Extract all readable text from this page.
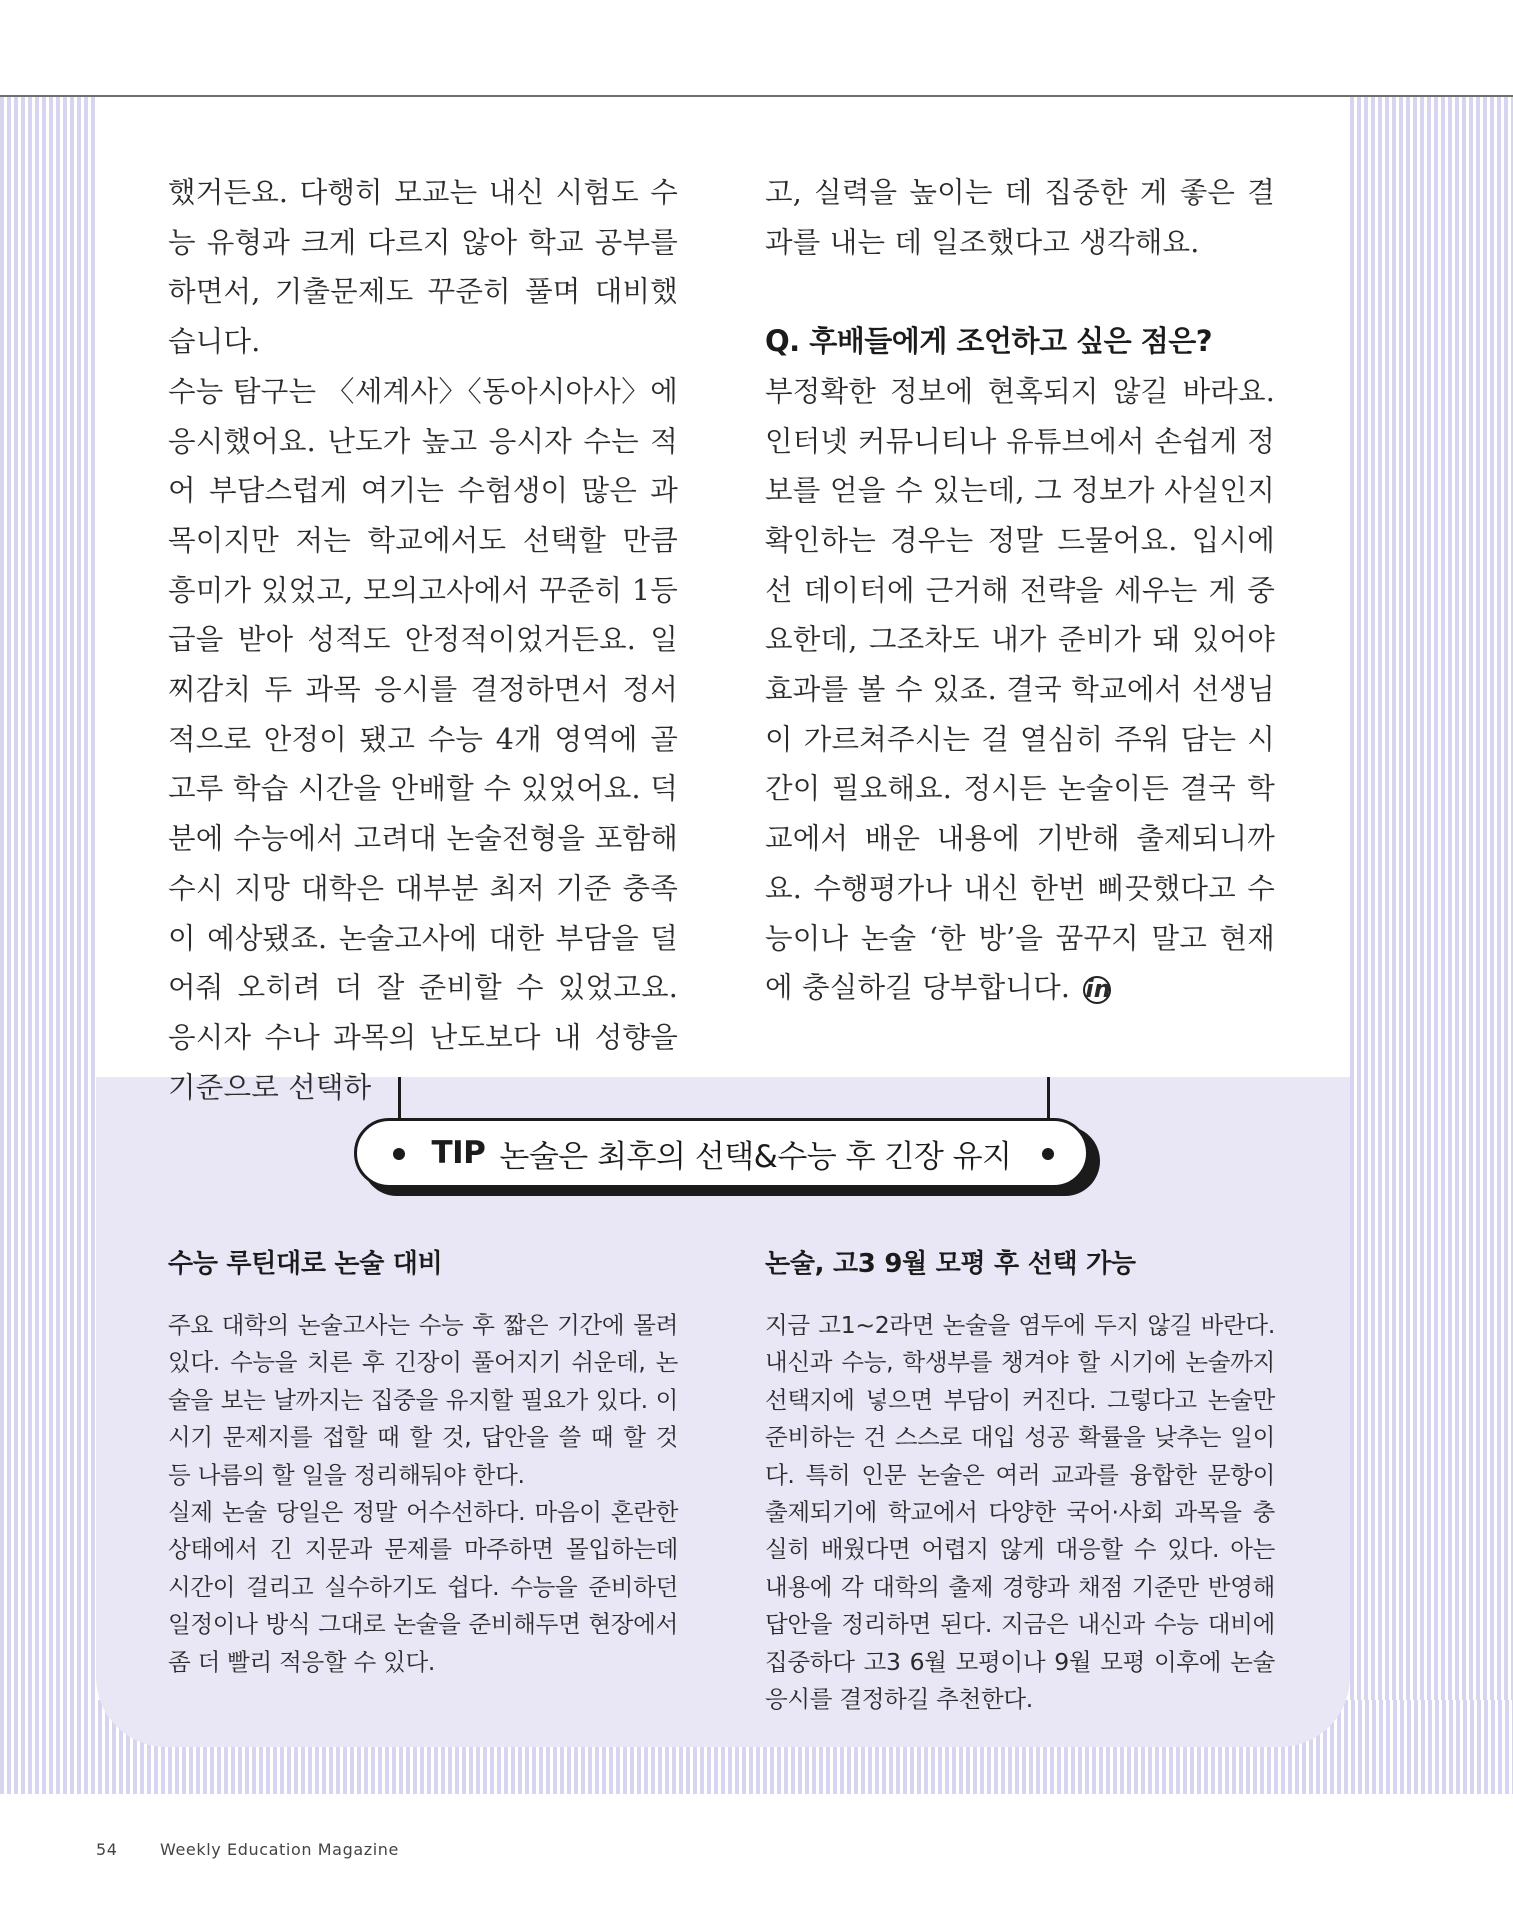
했거든요. 다행히 모교는 내신 시험도 수능 유형과 크게 다르지 않아 학교 공부를 하면서, 기출문제도 꾸준히 풀며 대비했습니다.

수능 탐구는 〈세계사〉〈동아시아사〉에 응시했어요. 난도가 높고 응시자 수는 적어 부담스럽게 여기는 수험생이 많은 과목이지만 저는 학교에서도 선택할 만큼 흥미가 있었고, 모의고사에서 꾸준히 1등급을 받아 성적도 안정적이었거든요. 일찌감치 두 과목 응시를 결정하면서 정서적으로 안정이 됐고 수능 4개 영역에 골고루 학습 시간을 안배할 수 있었어요. 덕분에 수능에서 고려대 논술전형을 포함해 수시 지망 대학은 대부분 최저 기준 충족이 예상됐죠. 논술고사에 대한 부담을 덜어줘 오히려 더 잘 준비할 수 있었고요. 응시자 수나 과목의 난도보다 내 성향을 기준으로 선택하

고, 실력을 높이는 데 집중한 게 좋은 결과를 내는 데 일조했다고 생각해요.

Q. 후배들에게 조언하고 싶은 점은?

부정확한 정보에 현혹되지 않길 바라요. 인터넷 커뮤니티나 유튜브에서 손쉽게 정보를 얻을 수 있는데, 그 정보가 사실인지 확인하는 경우는 정말 드물어요. 입시에선 데이터에 근거해 전략을 세우는 게 중요한데, 그조차도 내가 준비가 돼 있어야 효과를 볼 수 있죠. 결국 학교에서 선생님이 가르쳐주시는 걸 열심히 주워 담는 시간이 필요해요. 정시든 논술이든 결국 학교에서 배운 내용에 기반해 출제되니까요. 수행평가나 내신 한번 삐끗했다고 수능이나 논술 ‘한 방’을 꿈꾸지 말고 현재에 충실하길 당부합니다. in

TIP 논술은 최후의 선택&수능 후 긴장 유지

수능 루틴대로 논술 대비

주요 대학의 논술고사는 수능 후 짧은 기간에 몰려 있다. 수능을 치른 후 긴장이 풀어지기 쉬운데, 논술을 보는 날까지는 집중을 유지할 필요가 있다. 이 시기 문제지를 접할 때 할 것, 답안을 쓸 때 할 것 등 나름의 할 일을 정리해둬야 한다.

실제 논술 당일은 정말 어수선하다. 마음이 혼란한 상태에서 긴 지문과 문제를 마주하면 몰입하는데 시간이 걸리고 실수하기도 쉽다. 수능을 준비하던 일정이나 방식 그대로 논술을 준비해두면 현장에서 좀 더 빨리 적응할 수 있다.

논술, 고3 9월 모평 후 선택 가능

지금 고1~2라면 논술을 염두에 두지 않길 바란다. 내신과 수능, 학생부를 챙겨야 할 시기에 논술까지 선택지에 넣으면 부담이 커진다. 그렇다고 논술만 준비하는 건 스스로 대입 성공 확률을 낮추는 일이다. 특히 인문 논술은 여러 교과를 융합한 문항이 출제되기에 학교에서 다양한 국어·사회 과목을 충실히 배웠다면 어렵지 않게 대응할 수 있다. 아는 내용에 각 대학의 출제 경향과 채점 기준만 반영해 답안을 정리하면 된다. 지금은 내신과 수능 대비에 집중하다 고3 6월 모평이나 9월 모평 이후에 논술 응시를 결정하길 추천한다.

54	Weekly Education Magazine
